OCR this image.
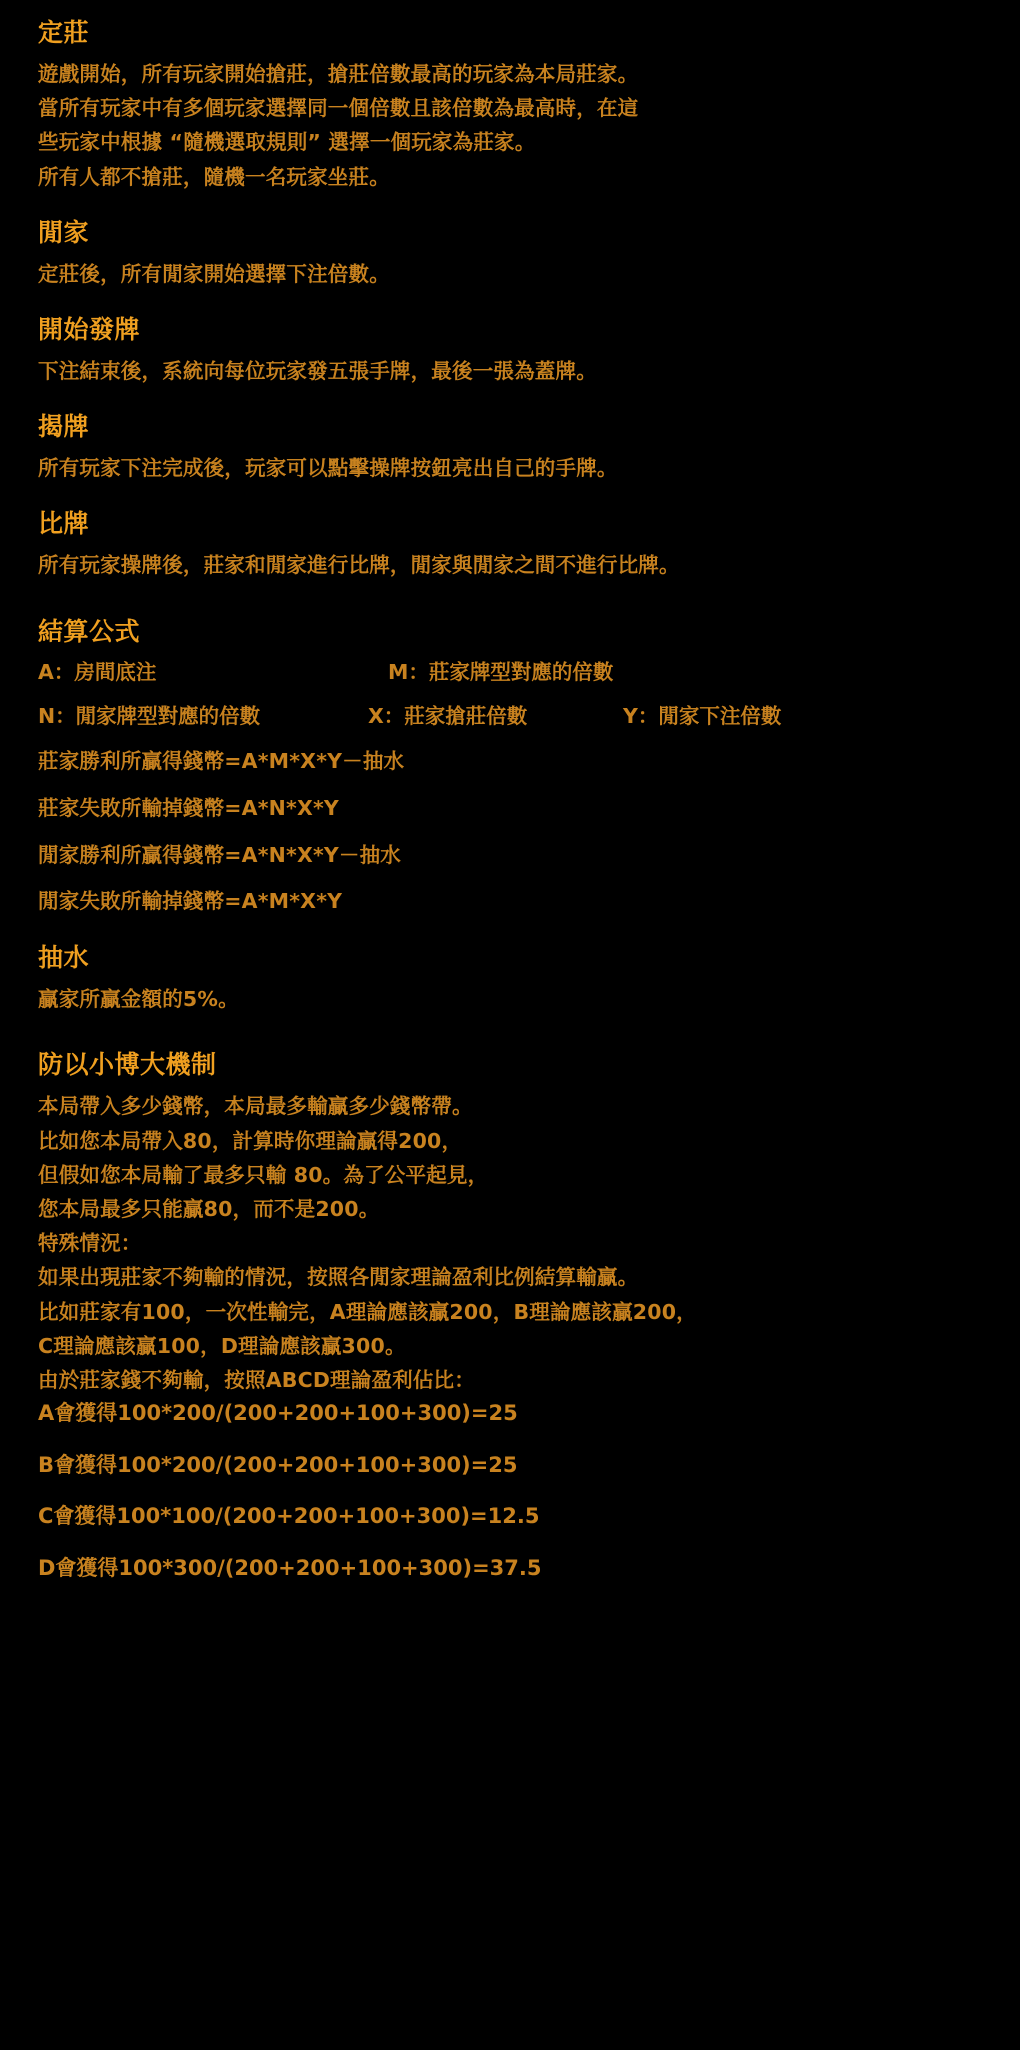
定莊

遊戲開始，所有玩家開始搶莊，搶莊倍數最高的玩家為本局莊家。

當所有玩家中有多個玩家選擇同一個倍數且該倍數為最高時，在這

些玩家中根據 “隨機選取規則” 選擇一個玩家為莊家。

所有人都不搶莊，隨機一名玩家坐莊。

閒家

定莊後，所有閒家開始選擇下注倍數。

開始發牌

下注結束後，系統向每位玩家發五張手牌，最後一張為蓋牌。

揭牌

所有玩家下注完成後，玩家可以點擊操牌按鈕亮出自己的手牌。

比牌

所有玩家操牌後，莊家和閒家進行比牌，閒家與閒家之間不進行比牌。

結算公式
A：房間底注	M：莊家牌型對應的倍數
N：閒家牌型對應的倍數	X：莊家搶莊倍數	Y：閒家下注倍數
莊家勝利所贏得錢幣=A*M*X*Y－抽水
莊家失敗所輸掉錢幣=A*N*X*Y
閒家勝利所贏得錢幣=A*N*X*Y－抽水
閒家失敗所輸掉錢幣=A*M*X*Y
抽水

贏家所贏金額的5%。

防以小博大機制

本局帶入多少錢幣，本局最多輸贏多少錢幣帶。

比如您本局帶入80，計算時你理論贏得200，

但假如您本局輸了最多只輸 80。為了公平起見，

您本局最多只能贏80，而不是200。

特殊情況：

如果出現莊家不夠輸的情況，按照各閒家理論盈利比例結算輸贏。

比如莊家有100，一次性輸完，A理論應該贏200，B理論應該贏200，

C理論應該贏100，D理論應該贏300。

由於莊家錢不夠輸，按照ABCD理論盈利佔比：

A會獲得100*200/(200+200+100+300)=25
B會獲得100*200/(200+200+100+300)=25
C會獲得100*100/(200+200+100+300)=12.5
D會獲得100*300/(200+200+100+300)=37.5
